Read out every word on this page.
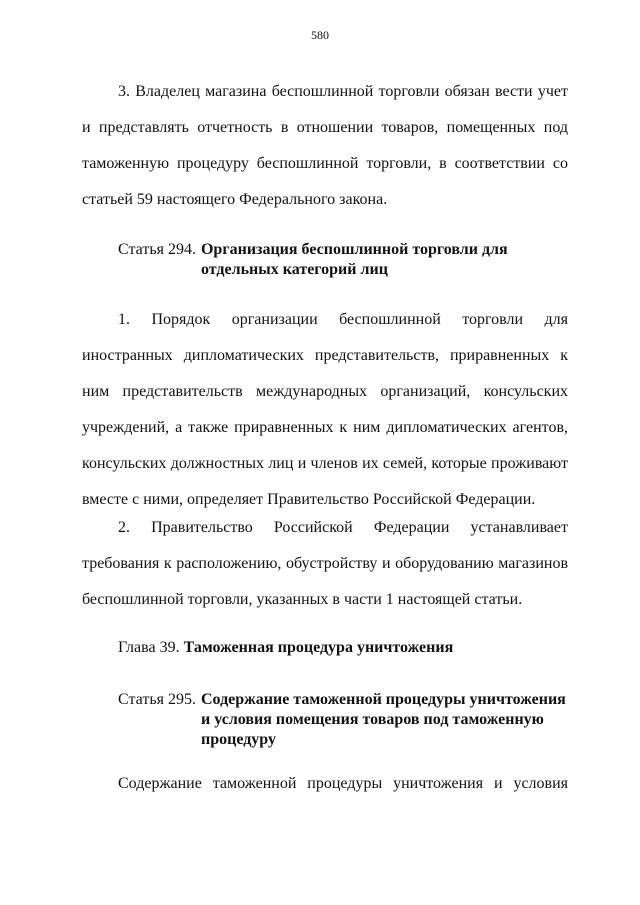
580

3. Владелец магазина беспошлинной торговли обязан вести учет и представлять отчетность в отношении товаров, помещенных под таможенную процедуру беспошлинной торговли, в соответствии со статьей 59 настоящего Федерального закона.

Статья 294. Организация беспошлинной торговли для отдельных категорий лиц

1. Порядок организации беспошлинной торговли для иностранных дипломатических представительств, приравненных к ним представительств международных организаций, консульских учреждений, а также приравненных к ним дипломатических агентов, консульских должностных лиц и членов их семей, которые проживают вместе с ними, определяет Правительство Российской Федерации.

2. Правительство Российской Федерации устанавливает требования к расположению, обустройству и оборудованию магазинов беспошлинной торговли, указанных в части 1 настоящей статьи.

Глава 39. Таможенная процедура уничтожения
Статья 295. Содержание таможенной процедуры уничтожения и условия помещения товаров под таможенную процедуру

Содержание таможенной процедуры уничтожения и условия
